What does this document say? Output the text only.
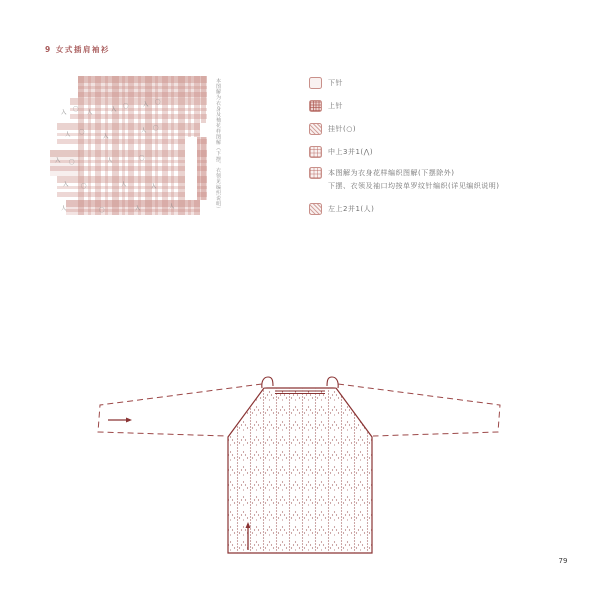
9 女式插肩袖衫
入 〇 人	入 〇	入 〇
人 〇
入
人 〇
入 〇	人	〇
入 〇	人	入
人	〇	入	人	本图解为衣身及袖花样图解（下摆、衣领见编织说明）	下针
上针
挂针(○)
中上3并1(⋀)
本图解为衣身花样编织图解(下摆除外)
下摆、衣领及袖口均按单罗纹针编织(详见编织说明)
左上2并1(人)
79
